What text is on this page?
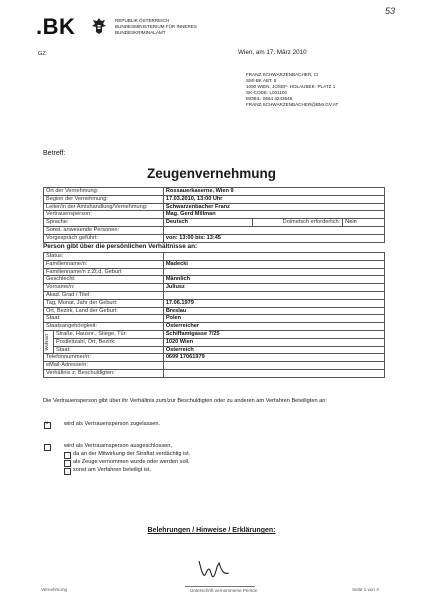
.BK	REPUBLIK ÖSTERREICH
BUNDESMINISTERIUM FÜR INNERES
BUNDESKRIMINALAMT
GZ:
53
Wien, am 17. März 2010
FRANZ SCHWARZENBACHER, CI
SM/-BK ABT. 5
1090 WIEN, JOSEF- HOLAUBEK- PLATZ 1
SK-CODE: L001100
MOBIL: 0664 4243646
FRANZ.SCHWARZENBACHER@BMI.GV.AT
Betreff:
Zeugenvernehmung
Ort der Vernehmung:	Rossauerkaserne, Wien 9		
Beginn der Vernehmung:	17.03.2010, 13:00 Uhr		
Leiter/in der Amtshandlung/Vernehmung:	Schwarzenbacher Franz		
Vertrauensperson:	Mag. Gerd Millman		
Sprache:	Deutsch	Dolmetsch erforderlich:	Nein
Sonst. anwesende Personen:			
Vorgespräch geführt:	von: 13:00 bis: 13:45		
Person gibt über die persönlichen Verhältnisse an:
Status:		
Familienname/n:		Madecki
Familienname/n z.Zt.d. Geburt		
Geschlecht:		Männlich
Vorname/n:		Juliusz
Akad. Grad / Titel:		
Tag, Monat, Jahr der Geburt:		17.06.1979
Ort, Bezirk, Land der Geburt:		Breslau
Staat:		Polen
Staatsangehörigkeit:		Österreicher

Wohnort	Straße, Hausnr., Stiege, Tür:	Schiffamtgasse 7/25
	Postleitzahl, Ort, Bezirk:	1020 Wien
	Staat:	Österreich
Telefonnummer/n:		0699 17061979
eMail-Adresse/n:		
Verhältnis z. Beschuldigten:		
Die Vertrauensperson gibt über ihr Verhältnis zum/zur Beschuldigten oder zu anderen am Verfahren Beteiligten an:
×
wird als Vertrauensperson zugelassen.
wird als Vertrauensperson ausgeschlossen,
da an der Mitwirkung der Straftat verdächtig ist.
als Zeuge vernommen wurde oder werden soll.
sonst am Verfahren beteiligt ist.
Belehrungen / Hinweise / Erklärungen:
Vernehmung	Unterschrift vernommene Person	Seite 1 von 4
